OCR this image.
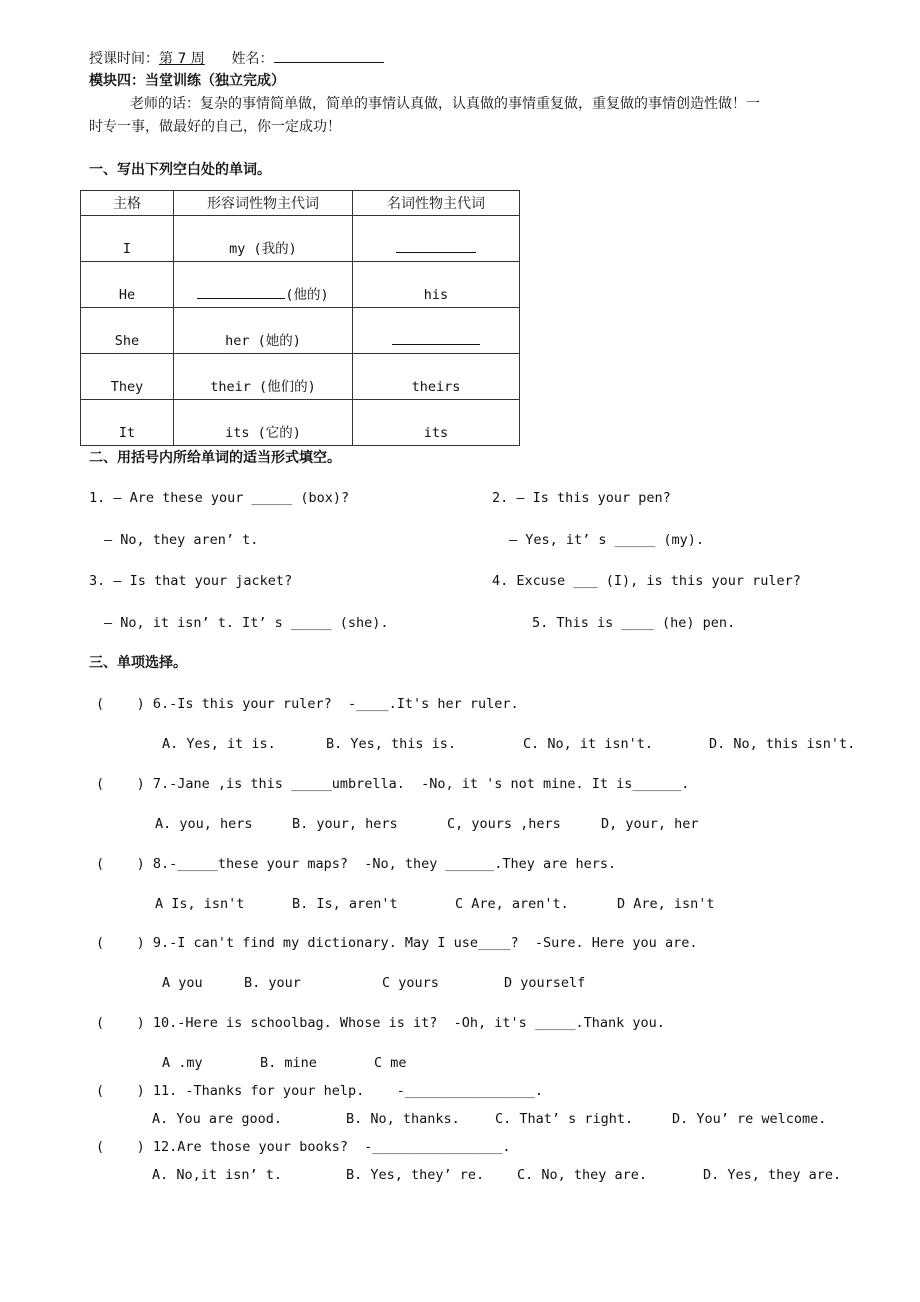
授课时间：第 7 周 姓名：
模块四：当堂训练（独立完成）
老师的话：复杂的事情简单做，简单的事情认真做，认真做的事情重复做，重复做的事情创造性做！一
时专一事，做最好的自己，你一定成功！
一、写出下列空白处的单词。
主格	形容词性物主代词	名词性物主代词
I	my (我的)	
He	(他的)	his
She	her (她的)	
They	their (他们的)	theirs
It	its (它的)	its
二、用括号内所给单词的适当形式填空。
1. — Are these your _____ (box)?
— No, they aren’ t.
2. — Is this your pen?
— Yes, it’ s _____ (my).
3. — Is that your jacket?
— No, it isn’ t. It’ s _____ (she).
4. Excuse ___ (I), is this your ruler?
5. This is ____ (he) pen.
三、单项选择。
(    ) 6.-Is this your ruler?  -____.It's her ruler.
A. Yes, it is.	B. Yes, this is.	C. No, it isn't.	D. No, this isn't.
(    ) 7.-Jane ,is this _____umbrella.  -No, it 's not mine. It is______.
A. you, hers	B. your, hers	C, yours ,hers	D, your, her
(    ) 8.-_____these your maps?  -No, they ______.They are hers.
A Is, isn't	B. Is, aren't	C Are, aren't.	D Are, isn't
(    ) 9.-I can't find my dictionary. May I use____?  -Sure. Here you are.
A you	B. your	C yours	D yourself
(    ) 10.-Here is schoolbag. Whose is it?  -Oh, it's _____.Thank you.
A .my	B. mine	C me
(    ) 11. -Thanks for your help.    -________________.
A. You are good.	B. No, thanks.	C. That’ s right.	D. You’ re welcome.
(    ) 12.Are those your books?  -________________.
A. No,it isn’ t.	B. Yes, they’ re. C. No, they are.	D. Yes, they are.
